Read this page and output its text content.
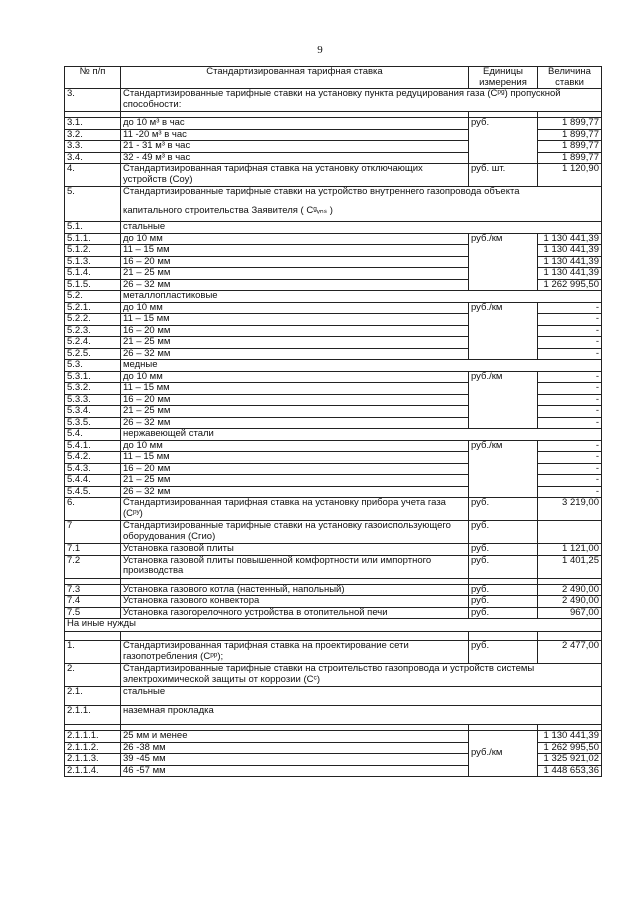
9
№ п/п	Стандартизированная тарифная ставка	Единицы измерения	Величина ставки
3.	Стандартизированные тарифные ставки на установку пункта редуцирования газа (Cᵖᵍ) пропускной способности:		

3.1.	до 10 м³ в час	руб.	1 899,77
3.2.	11 -20 м³ в час		1 899,77
3.3.	21 - 31 м³ в час		1 899,77
3.4.	32 - 49 м³ в час		1 899,77
4.	Стандартизированная тарифная ставка на установку отключающих устройств (Cоу)	руб. шт.	1 120,90
5.	Стандартизированные тарифные ставки на устройство внутреннего газопровода объекта
капитального строительства Заявителя ( Cᵍᵥₙₛ )		

5.1.	стальные		
5.1.1.	до 10 мм	руб./км	1 130 441,39
5.1.2.	11 – 15 мм		1 130 441,39
5.1.3.	16 – 20 мм		1 130 441,39
5.1.4.	21 – 25 мм		1 130 441,39
5.1.5.	26 – 32 мм		1 262 995,50
5.2.	металлопластиковые		
5.2.1.	до 10 мм	руб./км	-
5.2.2.	11 – 15 мм		-
5.2.3.	16 – 20 мм		-
5.2.4.	21 – 25 мм		-
5.2.5.	26 – 32 мм		-
5.3.	медные		
5.3.1.	до 10 мм	руб./км	-
5.3.2.	11 – 15 мм		-
5.3.3.	16 – 20 мм		-
5.3.4.	21 – 25 мм		-
5.3.5.	26 – 32 мм		-
5.4.	нержавеющей стали		
5.4.1.	до 10 мм	руб./км	-
5.4.2.	11 – 15 мм		-
5.4.3.	16 – 20 мм		-
5.4.4.	21 – 25 мм		-
5.4.5.	26 – 32 мм		-
6.	Стандартизированная тарифная ставка на установку прибора учета газа (Cᵖʸ)	руб.	3 219,00
7	Стандартизированные тарифные ставки на установку газоиспользующего оборудования (Cгио)	руб.	
7.1	Установка газовой плиты	руб.	1 121,00
7.2	Установка газовой плиты повышенной комфортности или импортного производства	руб.	1 401,25

7.3	Установка газового котла (настенный, напольный)	руб.	2 490,00
7.4	Установка газового конвектора	руб.	2 490,00
7.5	Установка газогорелочного устройства в отопительной печи	руб.	967,00
На иные нужды			

1.	Стандартизированная тарифная ставка на проектирование сети газопотребления (Cᵖᵖ);	руб.	2 477,00
2.	Стандартизированные тарифные ставки на строительство газопровода и устройств системы электрохимической защиты от коррозии (Cᶜ)		
2.1.	стальные		
2.1.1.	наземная прокладка		

2.1.1.1.	25 мм и менее	руб./км	1 130 441,39
2.1.1.2.	26 -38 мм		1 262 995,50
2.1.1.3.	39 -45 мм		1 325 921,02
2.1.1.4.	46 -57 мм		1 448 653,36
